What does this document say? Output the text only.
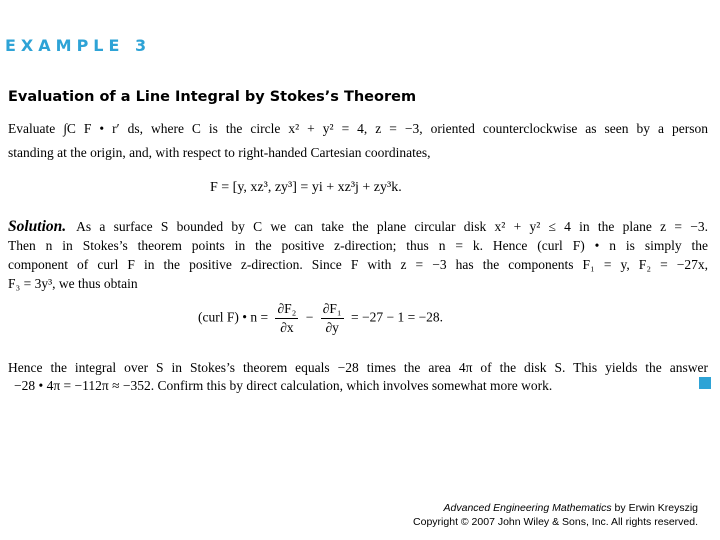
EXAMPLE 3
Evaluation of a Line Integral by Stokes’s Theorem
Evaluate ∫C F • r′ ds, where C is the circle x² + y² = 4, z = −3, oriented counterclockwise as seen by a person
standing at the origin, and, with respect to right-handed Cartesian coordinates,
F = [y, xz³, zy³] = yi + xz³j + zy³k.
Solution. As a surface S bounded by C we can take the plane circular disk x² + y² ≤ 4 in the plane z = −3.
Then n in Stokes’s theorem points in the positive z-direction; thus n = k. Hence (curl F) • n is simply the
component of curl F in the positive z-direction. Since F with z = −3 has the components F₁ = y, F₂ = −27x,
F₃ = 3y³, we thus obtain
(curl F) • $n = \frac{\text{∂F₂}}{\partial x} - \frac{\text{∂F₁}}{\partial y} = -27 - 1 = -28$.
Hence the integral over S in Stokes’s theorem equals −28 times the area 4π of the disk S. This yields the answer
−28 • 4π = −112π ≈ −352. Confirm this by direct calculation, which involves somewhat more work.
Advanced Engineering Mathematics by Erwin Kreyszig
Copyright © 2007 John Wiley & Sons, Inc. All rights reserved.
